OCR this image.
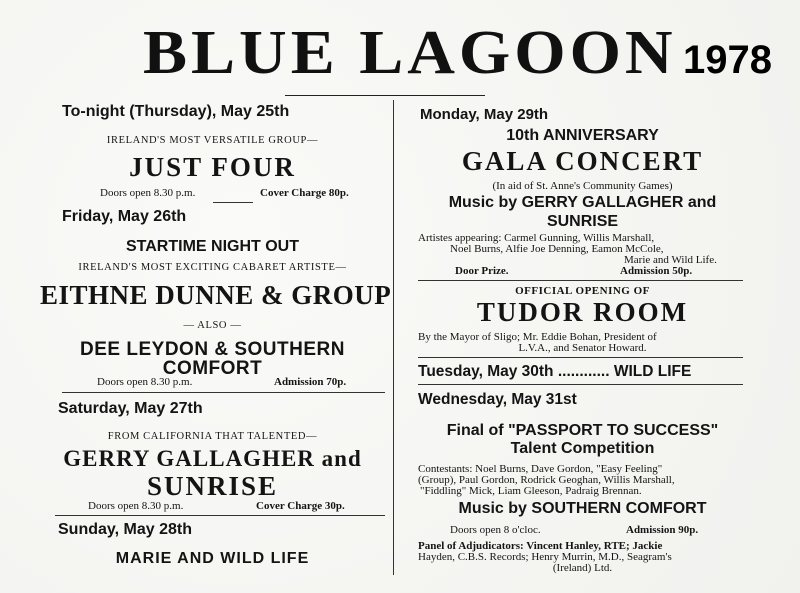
BLUE LAGOON 1978
To-night (Thursday), May 25th
IRELAND'S MOST VERSATILE GROUP—
JUST FOUR
Doors open 8.30 p.m.	Cover Charge 80p.
Friday, May 26th
STARTIME NIGHT OUT
IRELAND'S MOST EXCITING CABARET ARTISTE—
EITHNE DUNNE & GROUP
— ALSO —
DEE LEYDON & SOUTHERN
COMFORT
Doors open 8.30 p.m.	Admission 70p.
Saturday, May 27th
FROM CALIFORNIA THAT TALENTED—
GERRY GALLAGHER and
SUNRISE
Doors open 8.30 p.m.	Cover Charge 30p.
Sunday, May 28th
MARIE AND WILD LIFE
Monday, May 29th
10th ANNIVERSARY
GALA CONCERT
(In aid of St. Anne's Community Games)
Music by GERRY GALLAGHER and
SUNRISE
Artistes appearing: Carmel Gunning, Willis Marshall,
Noel Burns, Alfie Joe Denning, Eamon McCole,
Marie and Wild Life.
Door Prize.	Admission 50p.
OFFICIAL OPENING OF
TUDOR ROOM
By the Mayor of Sligo; Mr. Eddie Bohan, President of
L.V.A., and Senator Howard.
Tuesday, May 30th ............ WILD LIFE
Wednesday, May 31st
Final of "PASSPORT TO SUCCESS"
Talent Competition
Contestants: Noel Burns, Dave Gordon, "Easy Feeling"
(Group), Paul Gordon, Rodrick Geoghan, Willis Marshall,
"Fiddling" Mick, Liam Gleeson, Padraig Brennan.
Music by SOUTHERN COMFORT
Doors open 8 o'cloc.	Admission 90p.
Panel of Adjudicators: Vincent Hanley, RTE; Jackie
Hayden, C.B.S. Records; Henry Murrin, M.D., Seagram's
(Ireland) Ltd.
